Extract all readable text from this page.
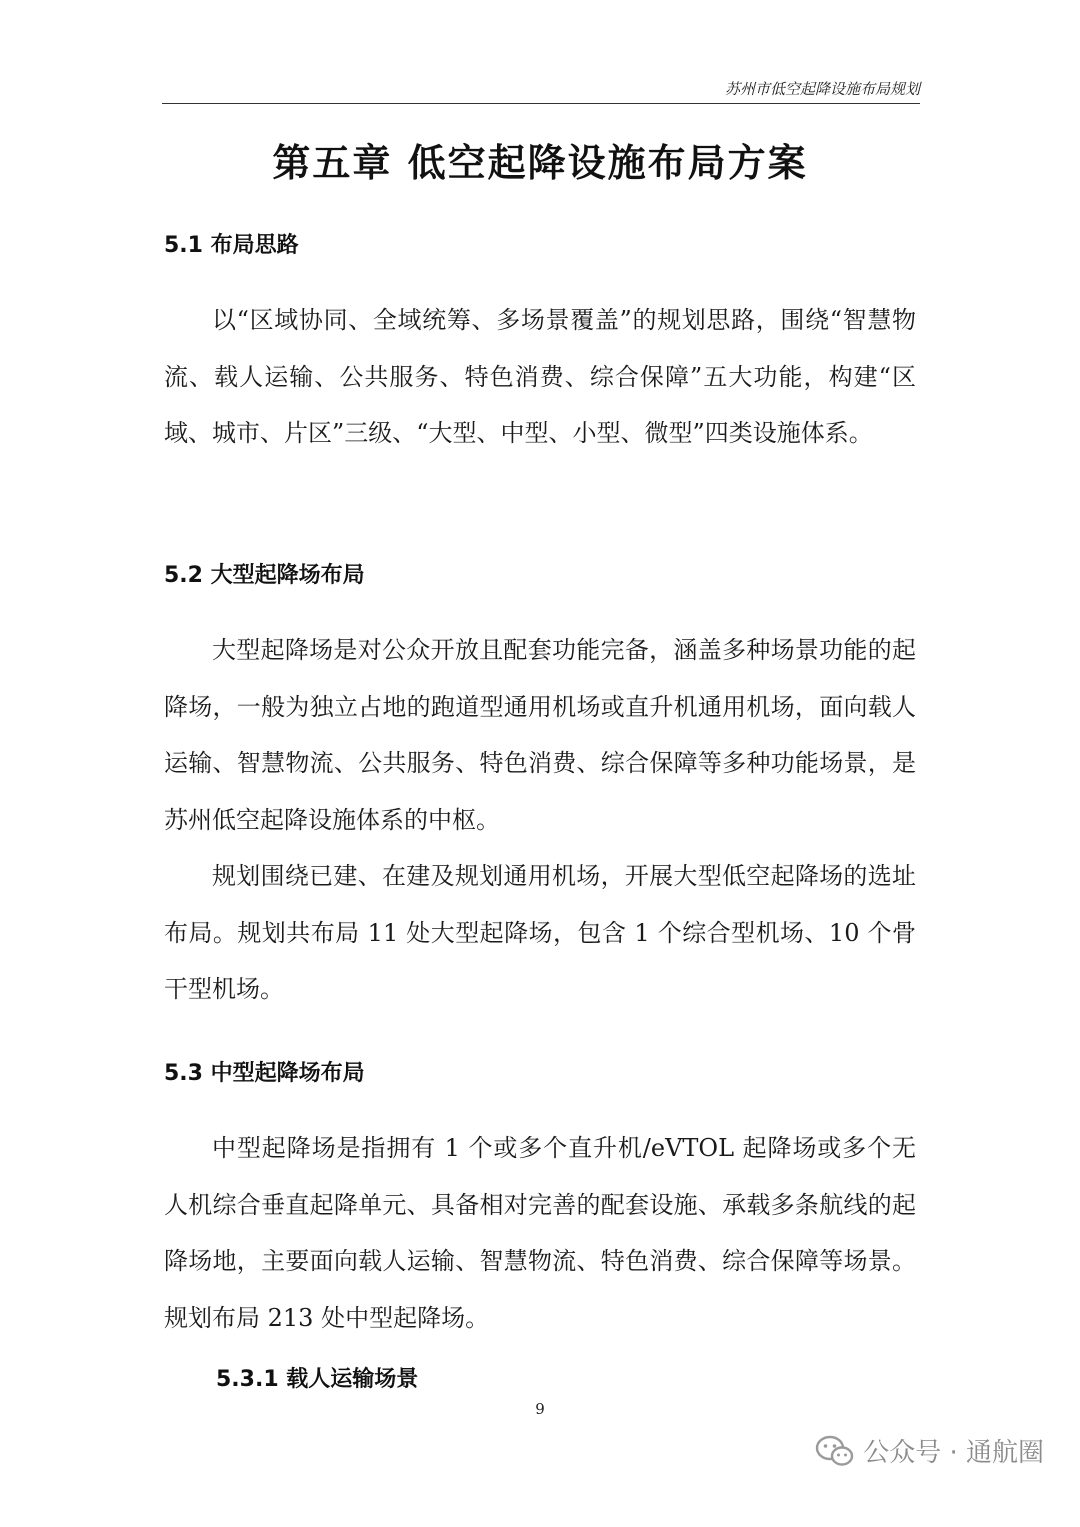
苏州市低空起降设施布局规划
第五章 低空起降设施布局方案
5.1 布局思路

以“区域协同、全域统筹、多场景覆盖”的规划思路，围绕“智慧物流、载人运输、公共服务、特色消费、综合保障”五大功能，构建“区域、城市、片区”三级、“大型、中型、小型、微型”四类设施体系。

5.2 大型起降场布局

大型起降场是对公众开放且配套功能完备，涵盖多种场景功能的起降场，一般为独立占地的跑道型通用机场或直升机通用机场，面向载人运输、智慧物流、公共服务、特色消费、综合保障等多种功能场景，是苏州低空起降设施体系的中枢。

规划围绕已建、在建及规划通用机场，开展大型低空起降场的选址布局。规划共布局 11 处大型起降场，包含 1 个综合型机场、10 个骨干型机场。

5.3 中型起降场布局

中型起降场是指拥有 1 个或多个直升机/eVTOL 起降场或多个无人机综合垂直起降单元、具备相对完善的配套设施、承载多条航线的起降场地，主要面向载人运输、智慧物流、特色消费、综合保障等场景。规划布局 213 处中型起降场。

5.3.1 载人运输场景
9
公众号 · 通航圈
